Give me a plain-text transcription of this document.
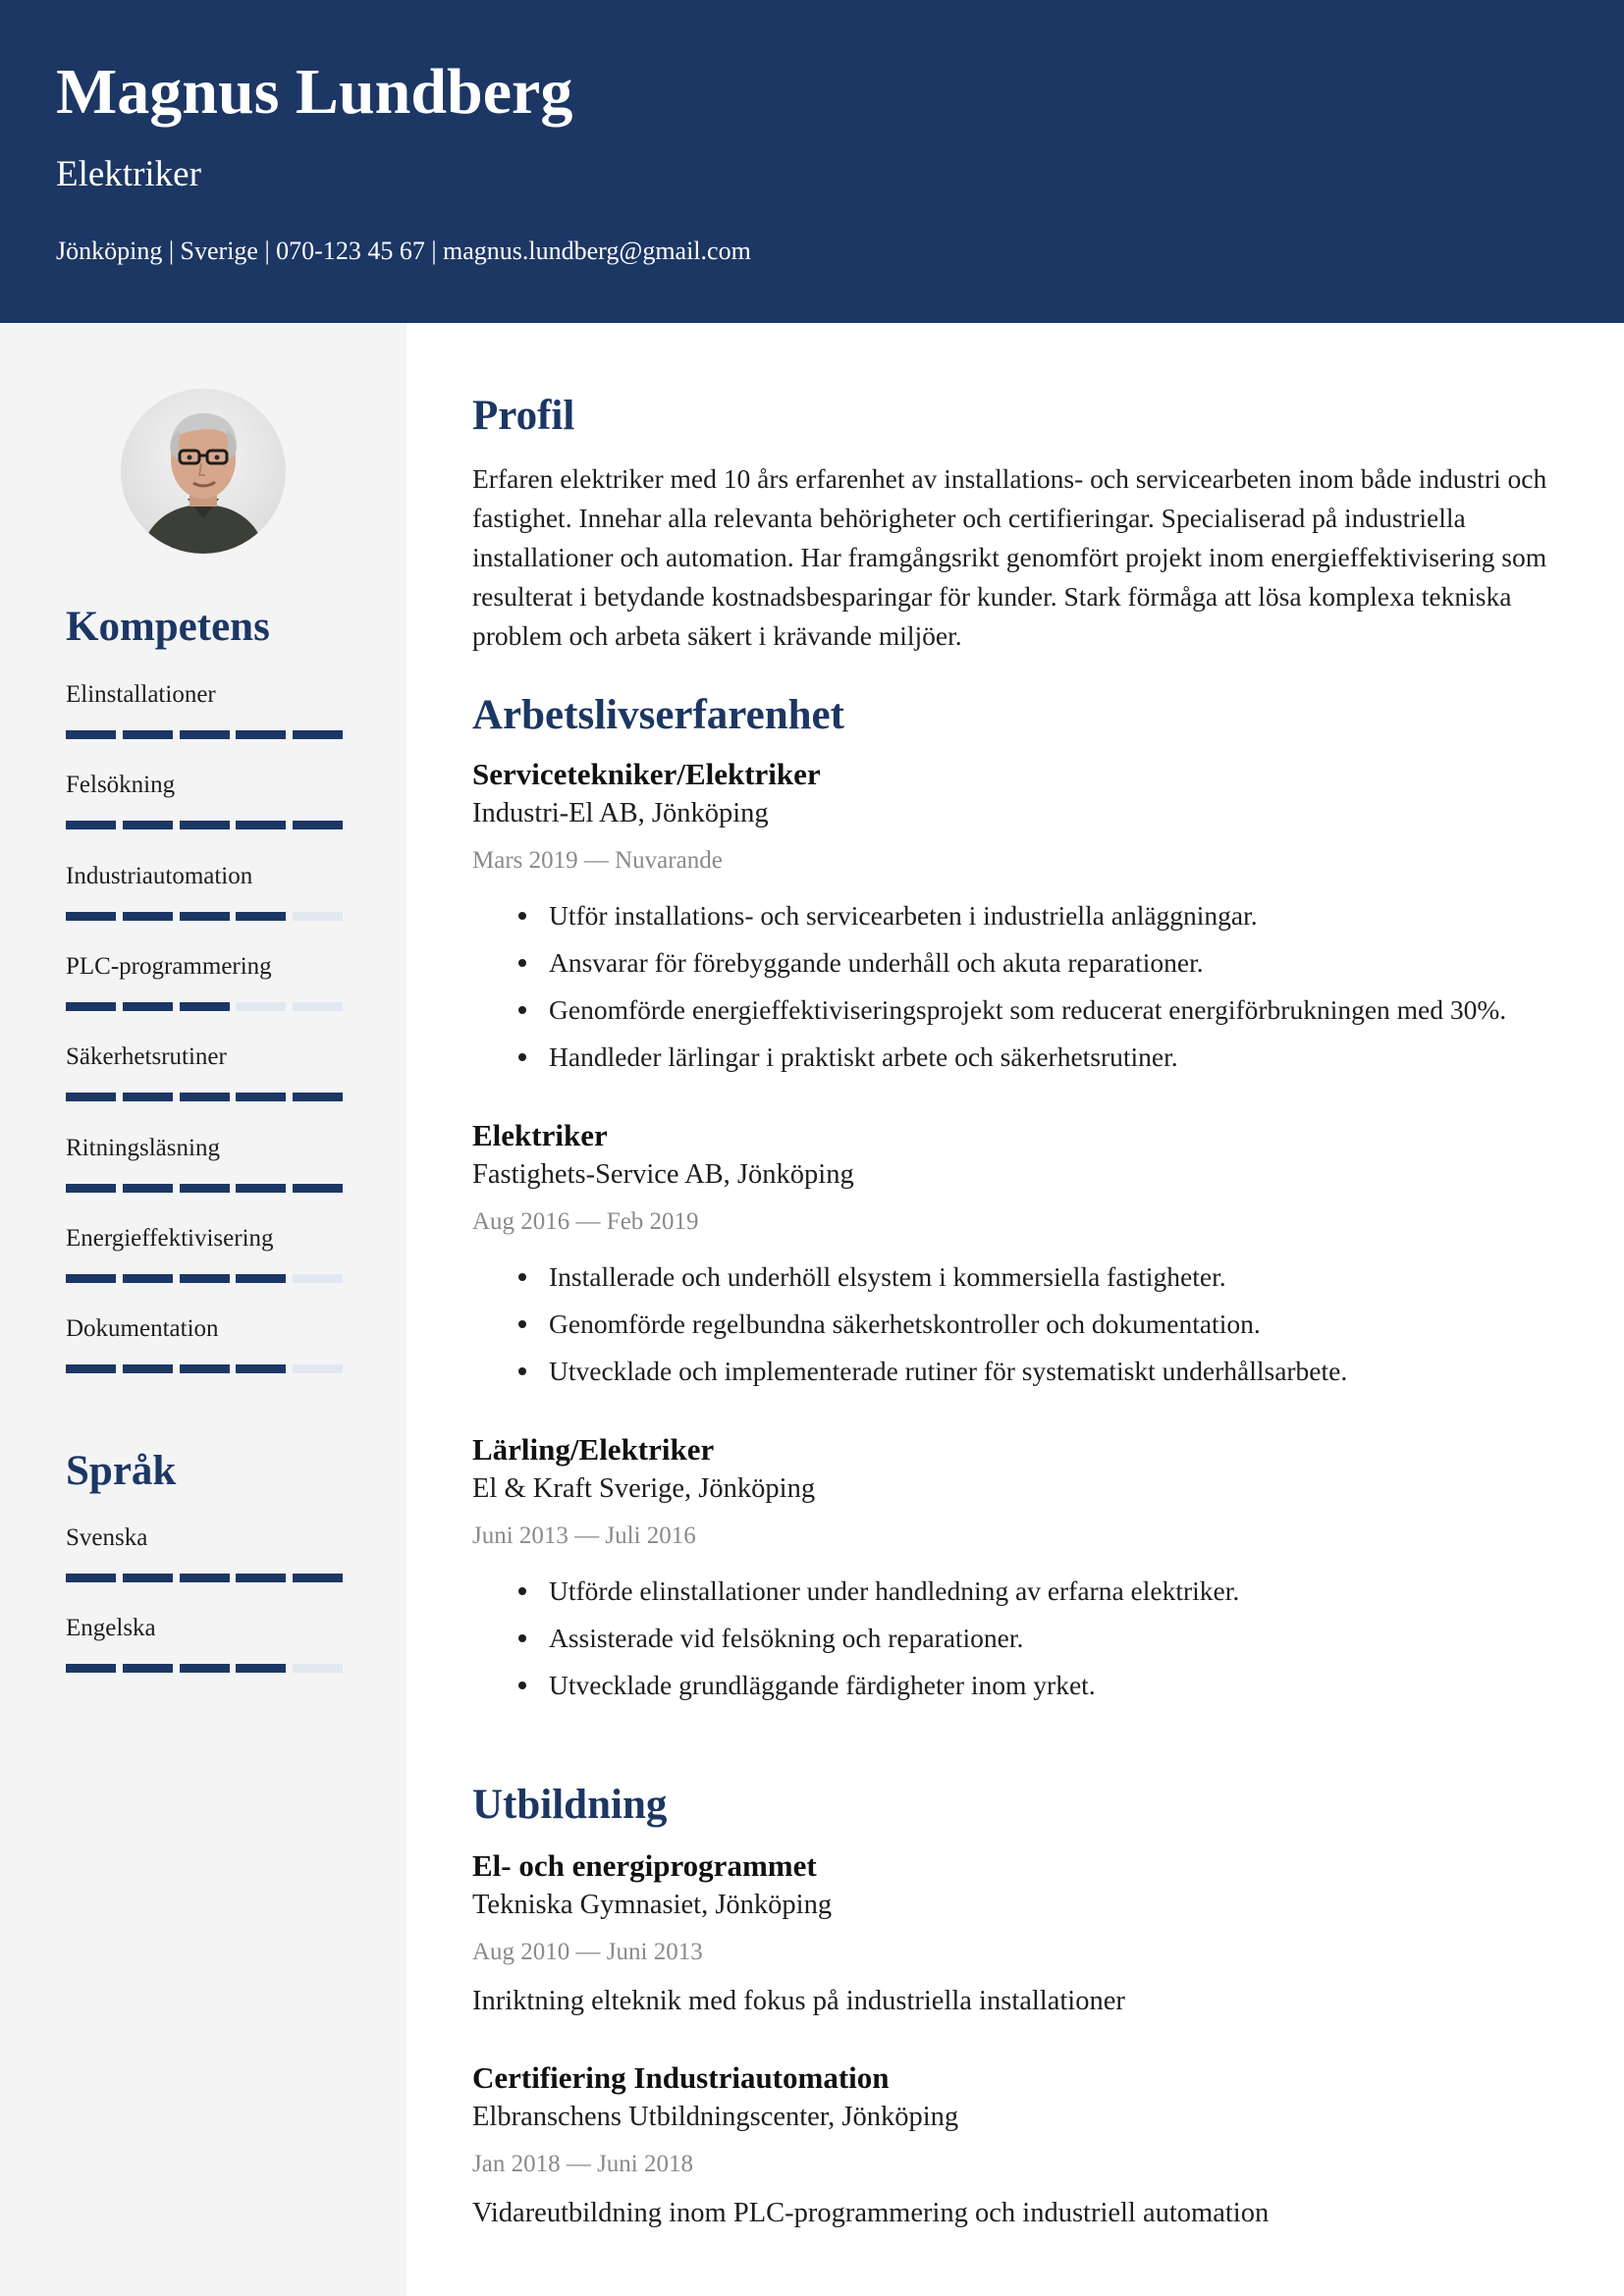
Magnus Lundberg
Elektriker
Jönköping | Sverige | 070-123 45 67 | magnus.lundberg@gmail.com
Kompetens
Elinstallationer
Felsökning
Industriautomation
PLC-programmering
Säkerhetsrutiner
Ritningsläsning
Energieffektivisering
Dokumentation
Språk
Svenska
Engelska
Profil

Erfaren elektriker med 10 års erfarenhet av installations- och servicearbeten inom både industri och fastighet. Innehar alla relevanta behörigheter och certifieringar. Specialiserad på industriella installationer och automation. Har framgångsrikt genomfört projekt inom energieffektivisering som resulterat i betydande kostnadsbesparingar för kunder. Stark förmåga att lösa komplexa tekniska problem och arbeta säkert i krävande miljöer.

Arbetslivserfarenhet
Servicetekniker/Elektriker
Industri-El AB, Jönköping
Mars 2019 — Nuvarande
Utför installations- och servicearbeten i industriella anläggningar.
Ansvarar för förebyggande underhåll och akuta reparationer.
Genomförde energieffektiviseringsprojekt som reducerat energiförbrukningen med 30%.
Handleder lärlingar i praktiskt arbete och säkerhetsrutiner.
Elektriker
Fastighets-Service AB, Jönköping
Aug 2016 — Feb 2019
Installerade och underhöll elsystem i kommersiella fastigheter.
Genomförde regelbundna säkerhetskontroller och dokumentation.
Utvecklade och implementerade rutiner för systematiskt underhållsarbete.
Lärling/Elektriker
El & Kraft Sverige, Jönköping
Juni 2013 — Juli 2016
Utförde elinstallationer under handledning av erfarna elektriker.
Assisterade vid felsökning och reparationer.
Utvecklade grundläggande färdigheter inom yrket.
Utbildning
El- och energiprogrammet
Tekniska Gymnasiet, Jönköping
Aug 2010 — Juni 2013
Inriktning elteknik med fokus på industriella installationer
Certifiering Industriautomation
Elbranschens Utbildningscenter, Jönköping
Jan 2018 — Juni 2018
Vidareutbildning inom PLC-programmering och industriell automation
